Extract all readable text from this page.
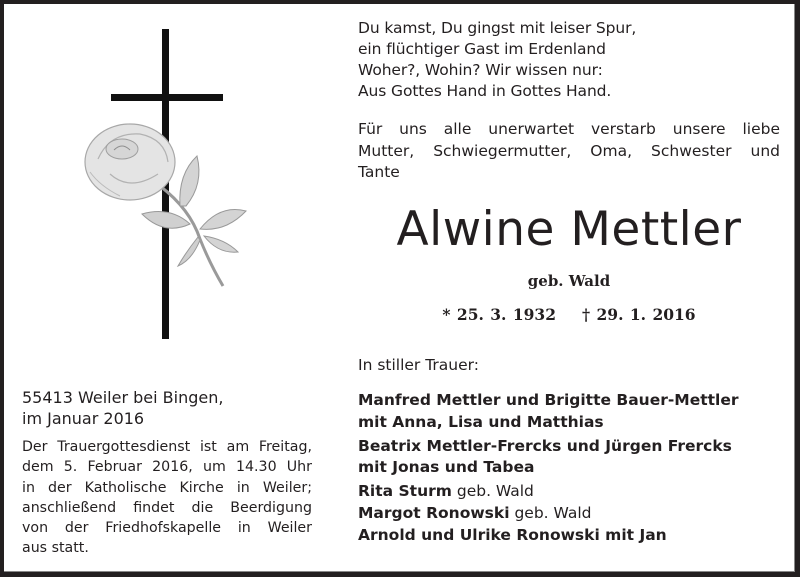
Du kamst, Du gingst mit leiser Spur,
ein flüchtiger Gast im Erdenland
Woher?, Wohin? Wir wissen nur:
Aus Gottes Hand in Gottes Hand.
Für uns alle unerwartet verstarb unsere liebe
Mutter, Schwiegermutter, Oma, Schwester und
Tante
Alwine Mettler
geb. Wald
* 25. 3. 1932 † 29. 1. 2016
In stiller Trauer:
Manfred Mettler und Brigitte Bauer-Mettler
mit Anna, Lisa und Matthias
Beatrix Mettler-Frercks und Jürgen Frercks
mit Jonas und Tabea
Rita Sturm geb. Wald
Margot Ronowski geb. Wald
Arnold und Ulrike Ronowski mit Jan
55413 Weiler bei Bingen,
im Januar 2016
Der Trauergottesdienst ist am Freitag,
dem 5. Februar 2016, um 14.30 Uhr
in der Katholische Kirche in Weiler;
anschließend findet die Beerdigung
von der Friedhofskapelle in Weiler
aus statt.
